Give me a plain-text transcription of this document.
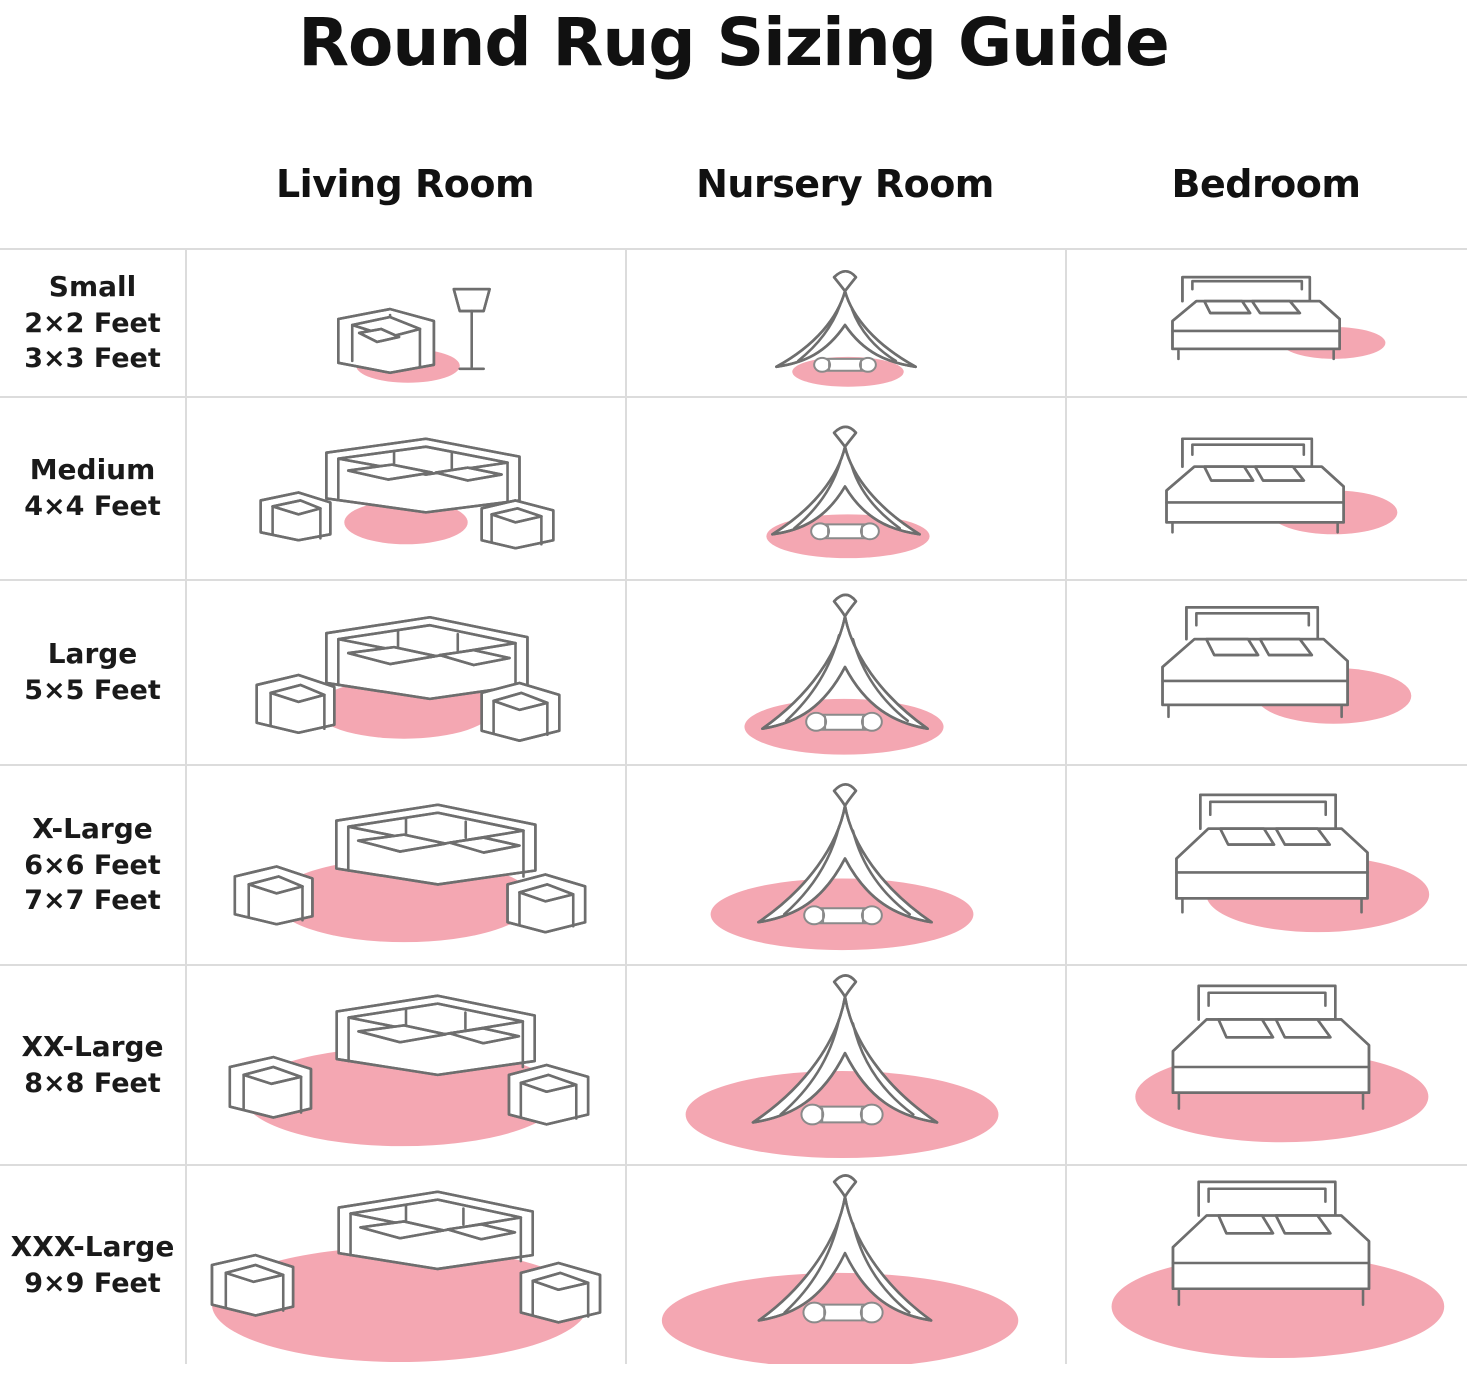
Round Rug Sizing Guide
Living Room	Nursery Room	Bedroom
Small
2×2 Feet
3×3 Feet
Medium
4×4 Feet
Large
5×5 Feet
X-Large
6×6 Feet
7×7 Feet
XX-Large
8×8 Feet
XXX-Large
9×9 Feet
